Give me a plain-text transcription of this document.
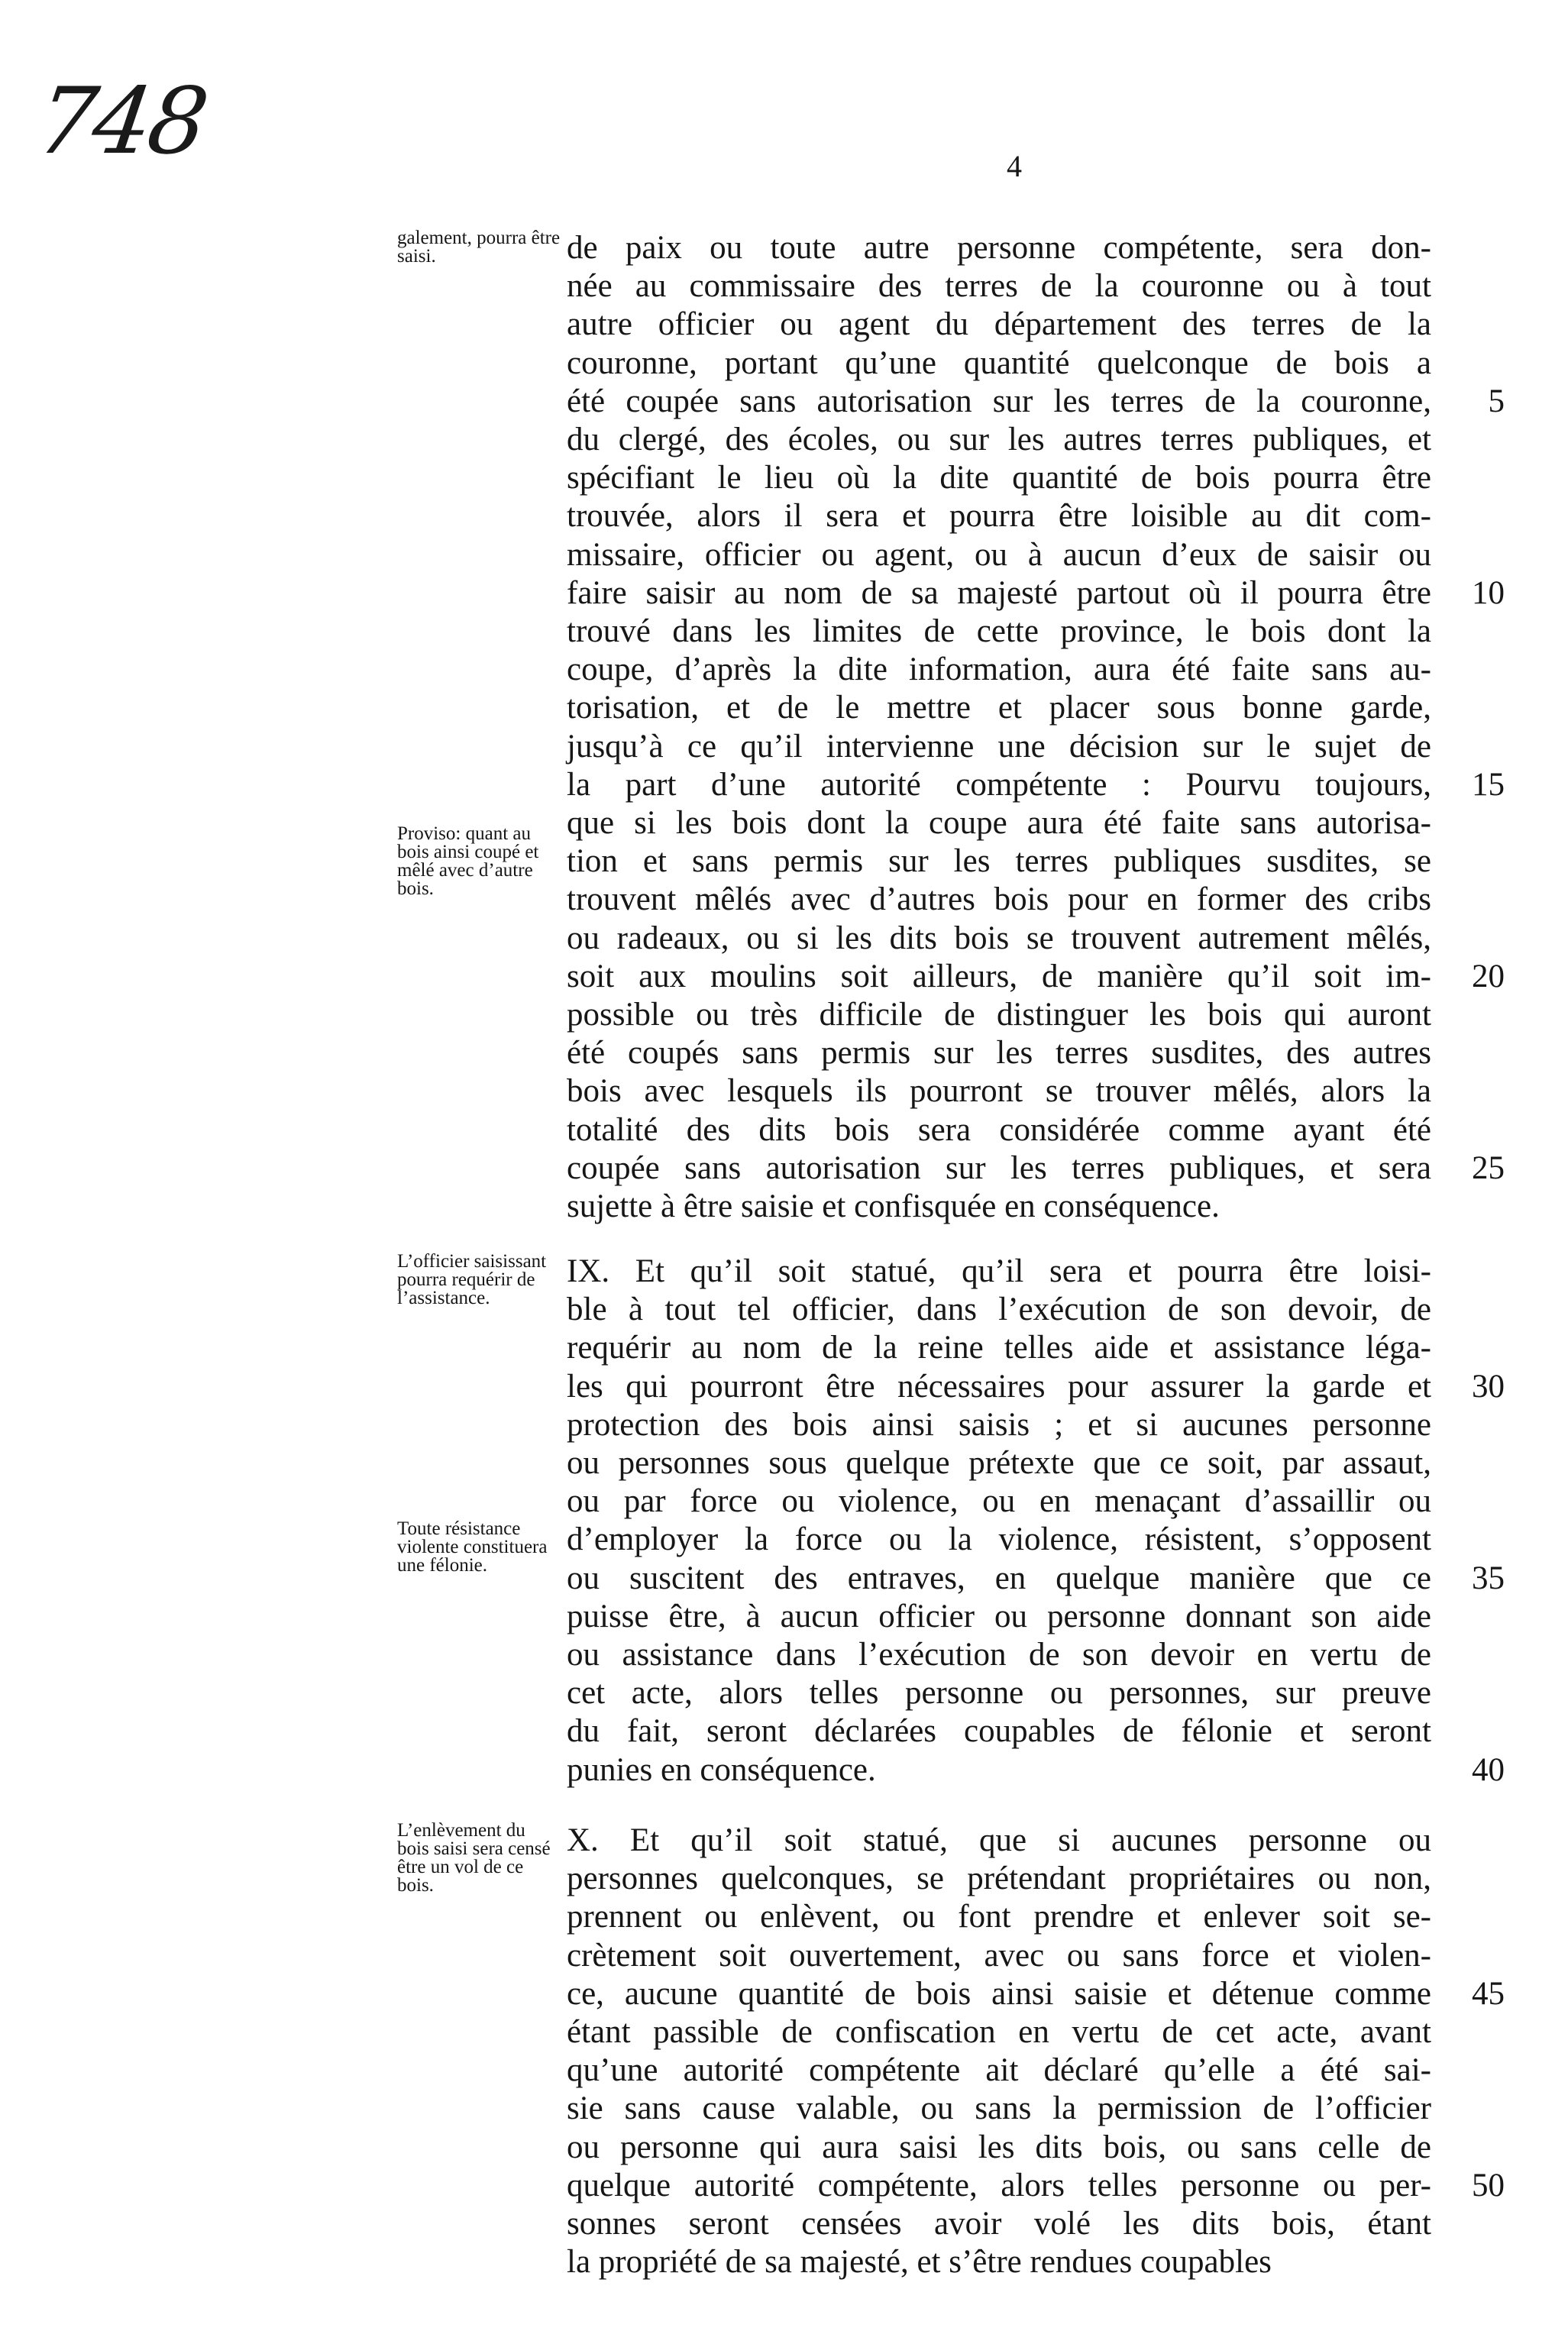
748	4

galement, pourra être saisi.	de paix ou toute autre personne compétente, sera don-
née au commissaire des terres de la couronne ou à tout
autre officier ou agent du département des terres de la
couronne, portant qu’une quantité quelconque de bois a
été coupée sans autorisation sur les terres de la couronne,	5
du clergé, des écoles, ou sur les autres terres publiques, et
spécifiant le lieu où la dite quantité de bois pourra être
trouvée, alors il sera et pourra être loisible au dit com-
missaire, officier ou agent, ou à aucun d’eux de saisir ou
faire saisir au nom de sa majesté partout où il pourra être	10
trouvé dans les limites de cette province, le bois dont la
coupe, d’après la dite information, aura été faite sans au-
torisation, et de le mettre et placer sous bonne garde,
jusqu’à ce qu’il intervienne une décision sur le sujet de
la part d’une autorité compétente : Pourvu toujours,	15
que si les bois dont la coupe aura été faite sans autorisa-
tion et sans permis sur les terres publiques susdites, se
trouvent mêlés avec d’autres bois pour en former des cribs
ou radeaux, ou si les dits bois se trouvent autrement mêlés,
soit aux moulins soit ailleurs, de manière qu’il soit im-	20
possible ou très difficile de distinguer les bois qui auront
été coupés sans permis sur les terres susdites, des autres
bois avec lesquels ils pourront se trouver mêlés, alors la
totalité des dits bois sera considérée comme ayant été
coupée sans autorisation sur les terres publiques, et sera	25
sujette à être saisie et confisquée en conséquence.

Proviso: quant au bois ainsi coupé et mêlé avec d’autre bois.

L’officier saisissant pourra requérir de l’assistance.

IX. Et qu’il soit statué, qu’il sera et pourra être loisi-
ble à tout tel officier, dans l’exécution de son devoir, de
requérir au nom de la reine telles aide et assistance léga-
les qui pourront être nécessaires pour assurer la garde et	30
protection des bois ainsi saisis ; et si aucunes personne
ou personnes sous quelque prétexte que ce soit, par assaut,
ou par force ou violence, ou en menaçant d’assaillir ou
d’employer la force ou la violence, résistent, s’opposent
ou suscitent des entraves, en quelque manière que ce	35
puisse être, à aucun officier ou personne donnant son aide
ou assistance dans l’exécution de son devoir en vertu de
cet acte, alors telles personne ou personnes, sur preuve
du fait, seront déclarées coupables de félonie et seront
punies en conséquence.	40

Toute résistance violente constituera une félonie.

L’enlèvement du bois saisi sera censé être un vol de ce bois.

X. Et qu’il soit statué, que si aucunes personne ou
personnes quelconques, se prétendant propriétaires ou non,
prennent ou enlèvent, ou font prendre et enlever soit se-
crètement soit ouvertement, avec ou sans force et violen-
ce, aucune quantité de bois ainsi saisie et détenue comme	45
étant passible de confiscation en vertu de cet acte, avant
qu’une autorité compétente ait déclaré qu’elle a été sai-
sie sans cause valable, ou sans la permission de l’officier
ou personne qui aura saisi les dits bois, ou sans celle de
quelque autorité compétente, alors telles personne ou per-	50
sonnes seront censées avoir volé les dits bois, étant
la propriété de sa majesté, et s’être rendues coupables
